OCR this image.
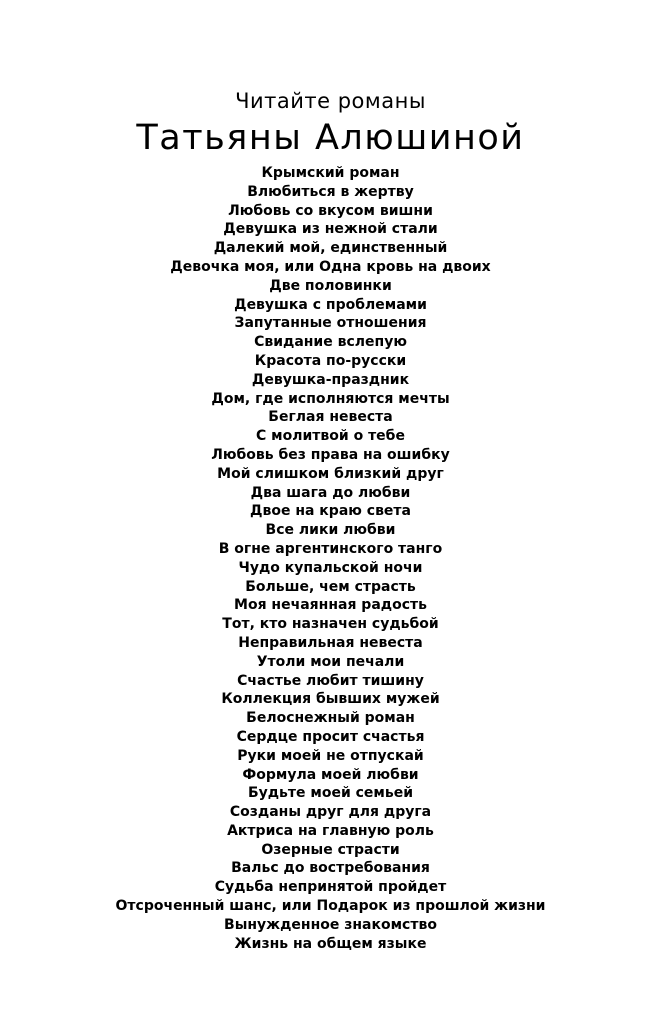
Читайте романы
Татьяны Алюшиной
Крымский роман
Влюбиться в жертву
Любовь со вкусом вишни
Девушка из нежной стали
Далекий мой, единственный
Девочка моя, или Одна кровь на двоих
Две половинки
Девушка с проблемами
Запутанные отношения
Свидание вслепую
Красота по-русски
Девушка-праздник
Дом, где исполняются мечты
Беглая невеста
С молитвой о тебе
Любовь без права на ошибку
Мой слишком близкий друг
Два шага до любви
Двое на краю света
Все лики любви
В огне аргентинского танго
Чудо купальской ночи
Больше, чем страсть
Моя нечаянная радость
Тот, кто назначен судьбой
Неправильная невеста
Утоли мои печали
Счастье любит тишину
Коллекция бывших мужей
Белоснежный роман
Сердце просит счастья
Руки моей не отпускай
Формула моей любви
Будьте моей семьей
Созданы друг для друга
Актриса на главную роль
Озерные страсти
Вальс до востребования
Судьба непринятой пройдет
Отсроченный шанс, или Подарок из прошлой жизни
Вынужденное знакомство
Жизнь на общем языке
